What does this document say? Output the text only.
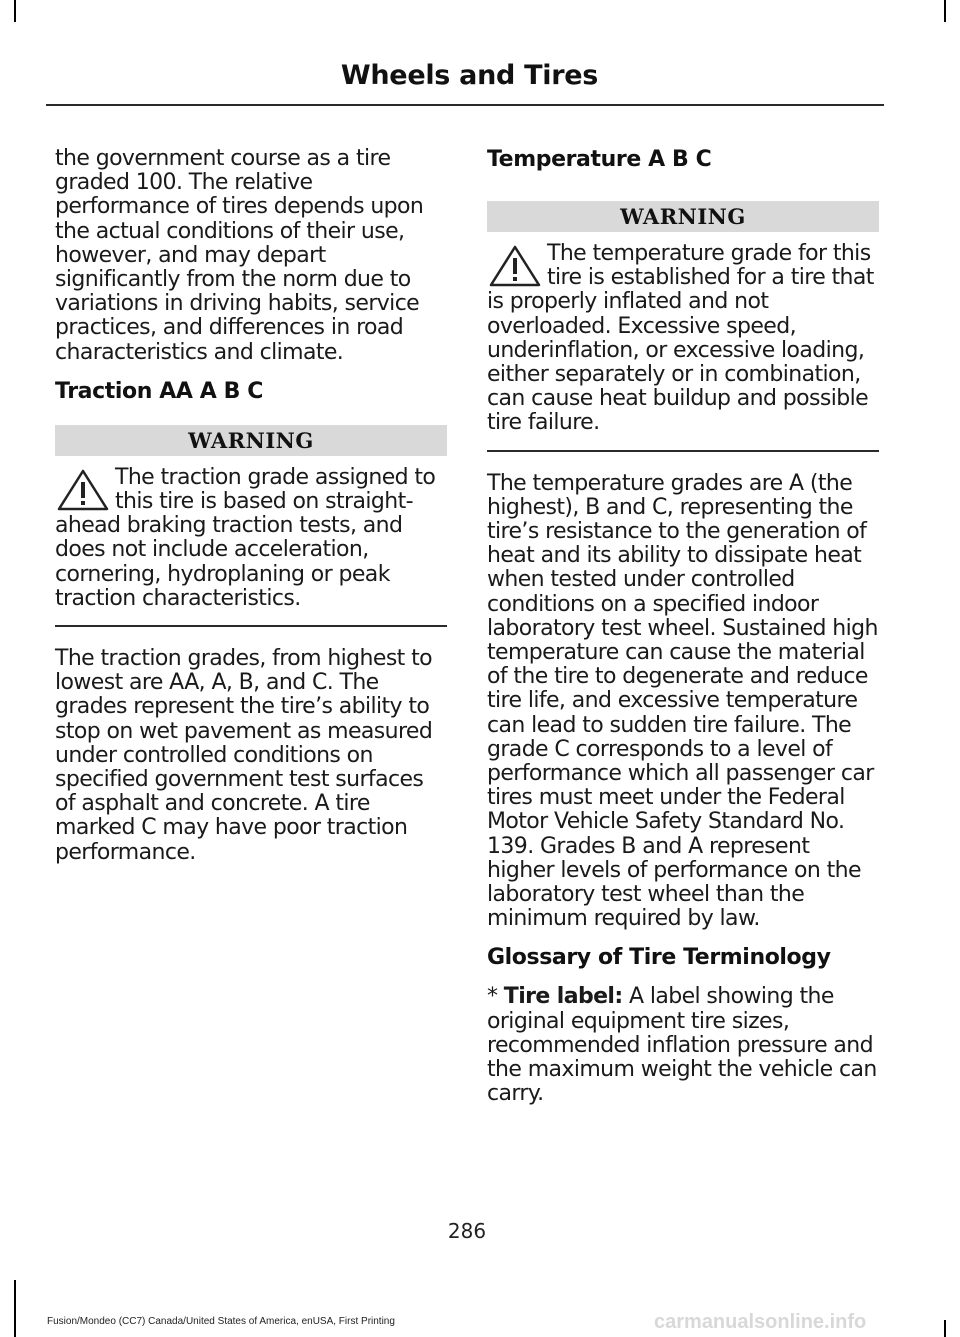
Wheels and Tires

the government course as a tire graded 100. The relative performance of tires depends upon the actual conditions of their use, however, and may depart significantly from the norm due to variations in driving habits, service practices, and differences in road characteristics and climate.

Traction AA A B C
WARNING
The traction grade assigned to this tire is based on straight-ahead braking traction tests, and does not include acceleration, cornering, hydroplaning or peak traction characteristics.

The traction grades, from highest to lowest are AA, A, B, and C. The grades represent the tire’s ability to stop on wet pavement as measured under controlled conditions on specified government test surfaces of asphalt and concrete. A tire marked C may have poor traction performance.

Temperature A B C
WARNING
The temperature grade for this tire is established for a tire that is properly inflated and not overloaded. Excessive speed, underinflation, or excessive loading, either separately or in combination, can cause heat buildup and possible tire failure.

The temperature grades are A (the highest), B and C, representing the tire’s resistance to the generation of heat and its ability to dissipate heat when tested under controlled conditions on a specified indoor laboratory test wheel. Sustained high temperature can cause the material of the tire to degenerate and reduce tire life, and excessive temperature can lead to sudden tire failure. The grade C corresponds to a level of performance which all passenger car tires must meet under the Federal Motor Vehicle Safety Standard No. 139. Grades B and A represent higher levels of performance on the laboratory test wheel than the minimum required by law.

Glossary of Tire Terminology

* Tire label: A label showing the original equipment tire sizes, recommended inflation pressure and the maximum weight the vehicle can carry.

286
Fusion/Mondeo (CC7) Canada/United States of America, enUSA, First Printing	carmanualsonline.info
